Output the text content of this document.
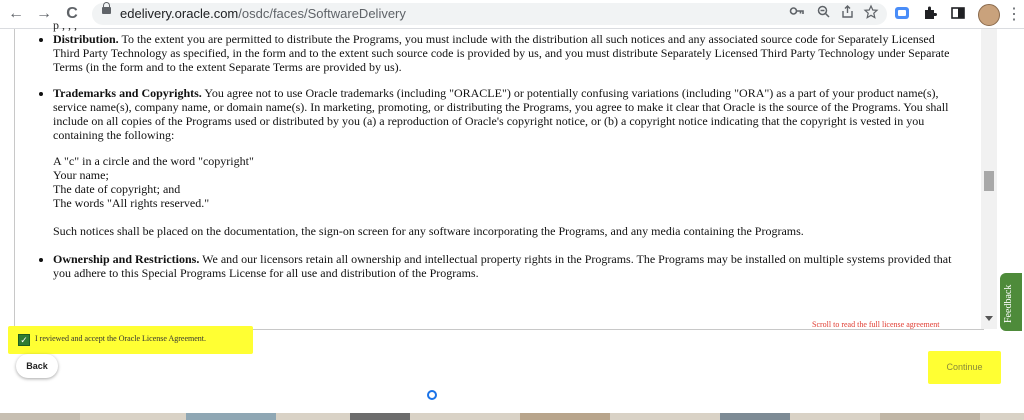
← → C	edelivery.oracle.com/osdc/faces/SoftwareDelivery	⋮
p , , ,
• Distribution. To the extent you are permitted to distribute the Programs, you must include with the distribution all such notices and any associated source code for Separately Licensed Third Party Technology as specified, in the form and to the extent such source code is provided by us, and you must distribute Separately Licensed Third Party Technology under Separate Terms (in the form and to the extent Separate Terms are provided by us).
• Trademarks and Copyrights. You agree not to use Oracle trademarks (including "ORACLE") or potentially confusing variations (including "ORA") as a part of your product name(s), service name(s), company name, or domain name(s). In marketing, promoting, or distributing the Programs, you agree to make it clear that Oracle is the source of the Programs. You shall include on all copies of the Programs used or distributed by you (a) a reproduction of Oracle's copyright notice, or (b) a copyright notice indicating that the copyright is vested in you containing the following:

A "c" in a circle and the word "copyright"
Your name;
The date of copyright; and
The words "All rights reserved."

Such notices shall be placed on the documentation, the sign-on screen for any software incorporating the Programs, and any media containing the Programs.

• Ownership and Restrictions. We and our licensors retain all ownership and intellectual property rights in the Programs. The Programs may be installed on multiple systems provided that you adhere to this Special Programs License for all use and distribution of the Programs.
Scroll to read the full license agreement
✓ I reviewed and accept the Oracle License Agreement.
Back	Continue
Feedback
